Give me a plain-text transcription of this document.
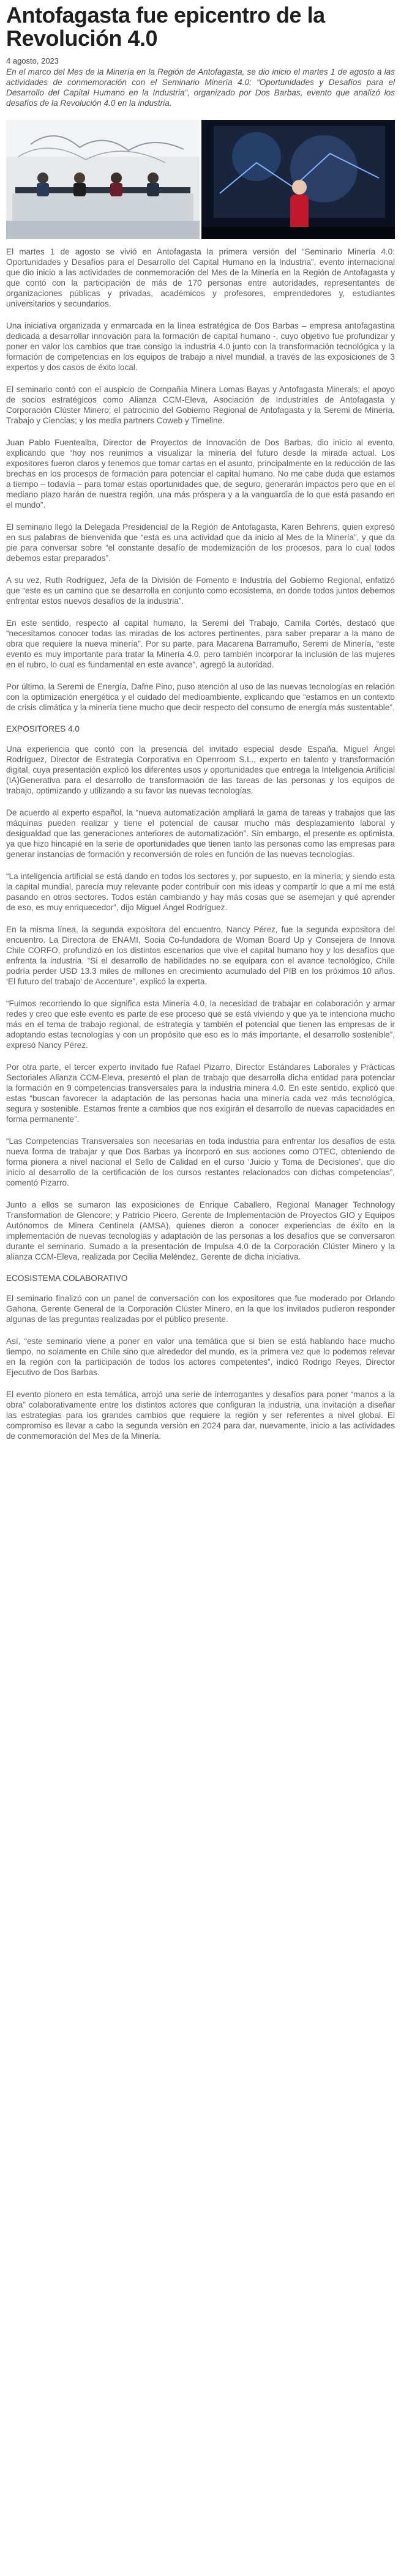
Antofagasta fue epicentro de la Revolución 4.0
4 agosto, 2023

En el marco del Mes de la Minería en la Región de Antofagasta, se dio inicio el martes 1 de agosto a las actividades de conmemoración con el Seminario Minería 4.0: “Oportunidades y Desafíos para el Desarrollo del Capital Humano en la Industria”, organizado por Dos Barbas, evento que analizó los desafíos de la Revolución 4.0 en la industria.

El martes 1 de agosto se vivió en Antofagasta la primera versión del “Seminario Minería 4.0: Oportunidades y Desafíos para el Desarrollo del Capital Humano en la Industria”, evento internacional que dio inicio a las actividades de conmemoración del Mes de la Minería en la Región de Antofagasta y que contó con la participación de más de 170 personas entre autoridades, representantes de organizaciones públicas y privadas, académicos y profesores, emprendedores y, estudiantes universitarios y secundarios.

Una iniciativa organizada y enmarcada en la línea estratégica de Dos Barbas – empresa antofagastina dedicada a desarrollar innovación para la formación de capital humano -, cuyo objetivo fue profundizar y poner en valor los cambios que trae consigo la industria 4.0 junto con la transformación tecnológica y la formación de competencias en los equipos de trabajo a nivel mundial, a través de las exposiciones de 3 expertos y dos casos de éxito local.

El seminario contó con el auspicio de Compañía Minera Lomas Bayas y Antofagasta Minerals; el apoyo de socios estratégicos como Alianza CCM-Eleva, Asociación de Industriales de Antofagasta y Corporación Clúster Minero; el patrocinio del Gobierno Regional de Antofagasta y la Seremi de Minería, Trabajo y Ciencias; y los media partners Coweb y Timeline.

Juan Pablo Fuentealba, Director de Proyectos de Innovación de Dos Barbas, dio inicio al evento, explicando que “hoy nos reunimos a visualizar la minería del futuro desde la mirada actual. Los expositores fueron claros y tenemos que tomar cartas en el asunto, principalmente en la reducción de las brechas en los procesos de formación para potenciar el capital humano. No me cabe duda que estamos a tiempo – todavía – para tomar estas oportunidades que, de seguro, generarán impactos pero que en el mediano plazo harán de nuestra región, una más próspera y a la vanguardia de lo que está pasando en el mundo”.

El seminario llegó la Delegada Presidencial de la Región de Antofagasta, Karen Behrens, quien expresó en sus palabras de bienvenida que “esta es una actividad que da inicio al Mes de la Minería”, y que da pie para conversar sobre “el constante desafío de modernización de los procesos, para lo cual todos debemos estar preparados”.

A su vez, Ruth Rodríguez, Jefa de la División de Fomento e Industria del Gobierno Regional, enfatizó que “este es un camino que se desarrolla en conjunto como ecosistema, en donde todos juntos debemos enfrentar estos nuevos desafíos de la industria”.

En este sentido, respecto al capital humano, la Seremi del Trabajo, Camila Cortés, destacó que “necesitamos conocer todas las miradas de los actores pertinentes, para saber preparar a la mano de obra que requiere la nueva minería”. Por su parte, para Macarena Barramuño, Seremi de Minería, “este evento es muy importante para tratar la Minería 4.0, pero también incorporar la inclusión de las mujeres en el rubro, lo cual es fundamental en este avance”, agregó la autoridad.

Por último, la Seremi de Energía, Dafne Pino, puso atención al uso de las nuevas tecnologías en relación con la optimización energética y el cuidado del medioambiente, explicando que “estamos en un contexto de crisis climática y la minería tiene mucho que decir respecto del consumo de energía más sustentable”.

EXPOSITORES 4.0

Una experiencia que contó con la presencia del invitado especial desde España, Miguel Ángel Rodríguez, Director de Estrategia Corporativa en Openroom S.L., experto en talento y transformación digital, cuya presentación explicó los diferentes usos y oportunidades que entrega la Inteligencia Artificial (IA)Generativa para el desarrollo de transformación de las tareas de las personas y los equipos de trabajo, optimizando y utilizando a su favor las nuevas tecnologías.

De acuerdo al experto español, la “nueva automatización ampliará la gama de tareas y trabajos que las máquinas pueden realizar y tiene el potencial de causar mucho más desplazamiento laboral y desigualdad que las generaciones anteriores de automatización”. Sin embargo, el presente es optimista, ya que hizo hincapié en la serie de oportunidades que tienen tanto las personas como las empresas para generar instancias de formación y reconversión de roles en función de las nuevas tecnologías.

“La inteligencia artificial se está dando en todos los sectores y, por supuesto, en la minería; y siendo esta la capital mundial, parecía muy relevante poder contribuir con mis ideas y compartir lo que a mí me está pasando en otros sectores. Todos están cambiando y hay más cosas que se asemejan y qué aprender de eso, es muy enriquecedor”, dijo Miguel Ángel Rodríguez.

En la misma línea, la segunda expositora del encuentro, Nancy Pérez, fue la segunda expositora del encuentro. La Directora de ENAMI, Socia Co-fundadora de Woman Board Up y Consejera de Innova Chile CORFO, profundizó en los distintos escenarios que vive el capital humano hoy y los desafíos que enfrenta la industria. “Si el desarrollo de habilidades no se equipara con el avance tecnológico, Chile podría perder USD 13.3 miles de millones en crecimiento acumulado del PIB en los próximos 10 años. ‘El futuro del trabajo’ de Accenture”, explicó la experta.

“Fuimos recorriendo lo que significa esta Minería 4.0, la necesidad de trabajar en colaboración y armar redes y creo que este evento es parte de ese proceso que se está viviendo y que ya te intenciona mucho más en el tema de trabajo regional, de estrategia y también el potencial que tienen las empresas de ir adoptando estas tecnologías y con un propósito que eso es lo más importante, el desarrollo sostenible”, expresó Nancy Pérez.

Por otra parte, el tercer experto invitado fue Rafael Pizarro, Director Estándares Laborales y Prácticas Sectoriales Alianza CCM-Eleva, presentó el plan de trabajo que desarrolla dicha entidad para potenciar la formación en 9 competencias transversales para la industria minera 4.0. En este sentido, explicó que estas “buscan favorecer la adaptación de las personas hacia una minería cada vez más tecnológica, segura y sostenible. Estamos frente a cambios que nos exigirán el desarrollo de nuevas capacidades en forma permanente”.

“Las Competencias Transversales son necesarias en toda industria para enfrentar los desafíos de esta nueva forma de trabajar y que Dos Barbas ya incorporó en sus acciones como OTEC, obteniendo de forma pionera a nivel nacional el Sello de Calidad en el curso ‘Juicio y Toma de Decisiones’, que dio inicio al desarrollo de la certificación de los cursos restantes relacionados con dichas competencias”, comentó Pizarro.

Junto a ellos se sumaron las exposiciones de Enrique Caballero, Regional Manager Technology Transformation de Glencore; y Patricio Picero, Gerente de Implementación de Proyectos GIO y Equipos Autónomos de Minera Centinela (AMSA), quienes dieron a conocer experiencias de éxito en la implementación de nuevas tecnologías y adaptación de las personas a los desafíos que se conversaron durante el seminario. Sumado a la presentación de Impulsa 4.0 de la Corporación Clúster Minero y la alianza CCM-Eleva, realizada por Cecilia Meléndez, Gerente de dicha iniciativa.

ECOSISTEMA COLABORATIVO

El seminario finalizó con un panel de conversación con los expositores que fue moderado por Orlando Gahona, Gerente General de la Corporación Clúster Minero, en la que los invitados pudieron responder algunas de las preguntas realizadas por el público presente.

Así, “este seminario viene a poner en valor una temática que si bien se está hablando hace mucho tiempo, no solamente en Chile sino que alrededor del mundo, es la primera vez que lo podemos relevar en la región con la participación de todos los actores competentes”, indicó Rodrigo Reyes, Director Ejecutivo de Dos Barbas.

El evento pionero en esta temática, arrojó una serie de interrogantes y desafíos para poner “manos a la obra” colaborativamente entre los distintos actores que configuran la industria, una invitación a diseñar las estrategias para los grandes cambios que requiere la región y ser referentes a nivel global. El compromiso es llevar a cabo la segunda versión en 2024 para dar, nuevamente, inicio a las actividades de conmemoración del Mes de la Minería.
